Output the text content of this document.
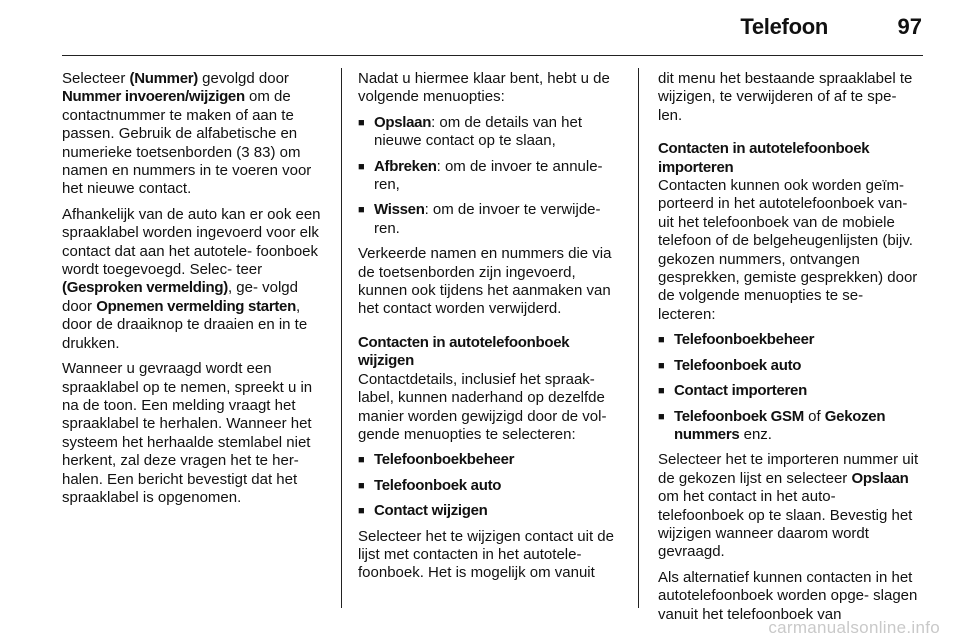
Telefoon	97

Selecteer (Nummer) gevolgd door Nummer invoeren/wijzigen om de contactnummer te maken of aan te passen. Gebruik de alfabetische en numerieke toetsenborden (3 83) om namen en nummers in te voeren voor het nieuwe contact.

Afhankelijk van de auto kan er ook een spraaklabel worden ingevoerd voor elk contact dat aan het autotele‐ foonboek wordt toegevoegd. Selec‐ teer (Gesproken vermelding), ge‐ volgd door Opnemen vermelding starten, door de draaiknop te draaien en in te drukken.

Wanneer u gevraagd wordt een spraaklabel op te nemen, spreekt u in na de toon. Een melding vraagt het spraaklabel te herhalen. Wanneer het systeem het herhaalde stemlabel niet herkent, zal deze vragen het te her‐ halen. Een bericht bevestigt dat het spraaklabel is opgenomen.

Nadat u hiermee klaar bent, hebt u de volgende menuopties:

■ Opslaan: om de details van het nieuwe contact op te slaan,
■ Afbreken: om de invoer te annule‐ ren,
■ Wissen: om de invoer te verwijde‐ ren.

Verkeerde namen en nummers die via de toetsenborden zijn ingevoerd, kunnen ook tijdens het aanmaken van het contact worden verwijderd.

Contacten in autotelefoonboek wijzigen

Contactdetails, inclusief het spraak‐ label, kunnen naderhand op dezelfde manier worden gewijzigd door de vol‐ gende menuopties te selecteren:

■ Telefoonboekbeheer
■ Telefoonboek auto
■ Contact wijzigen

Selecteer het te wijzigen contact uit de lijst met contacten in het autotele‐ foonboek. Het is mogelijk om vanuit

dit menu het bestaande spraaklabel te wijzigen, te verwijderen of af te spe‐ len.

Contacten in autotelefoonboek importeren

Contacten kunnen ook worden geïm‐ porteerd in het autotelefoonboek van‐ uit het telefoonboek van de mobiele telefoon of de belgeheugenlijsten (bijv. gekozen nummers, ontvangen gesprekken, gemiste gesprekken) door de volgende menuopties te se‐ lecteren:

■ Telefoonboekbeheer
■ Telefoonboek auto
■ Contact importeren
■ Telefoonboek GSM of Gekozen nummers enz.

Selecteer het te importeren nummer uit de gekozen lijst en selecteer Opslaan om het contact in het auto‐ telefoonboek op te slaan. Bevestig het wijzigen wanneer daarom wordt gevraagd.

Als alternatief kunnen contacten in het autotelefoonboek worden opge‐ slagen vanuit het telefoonboek van

carmanualsonline.info
